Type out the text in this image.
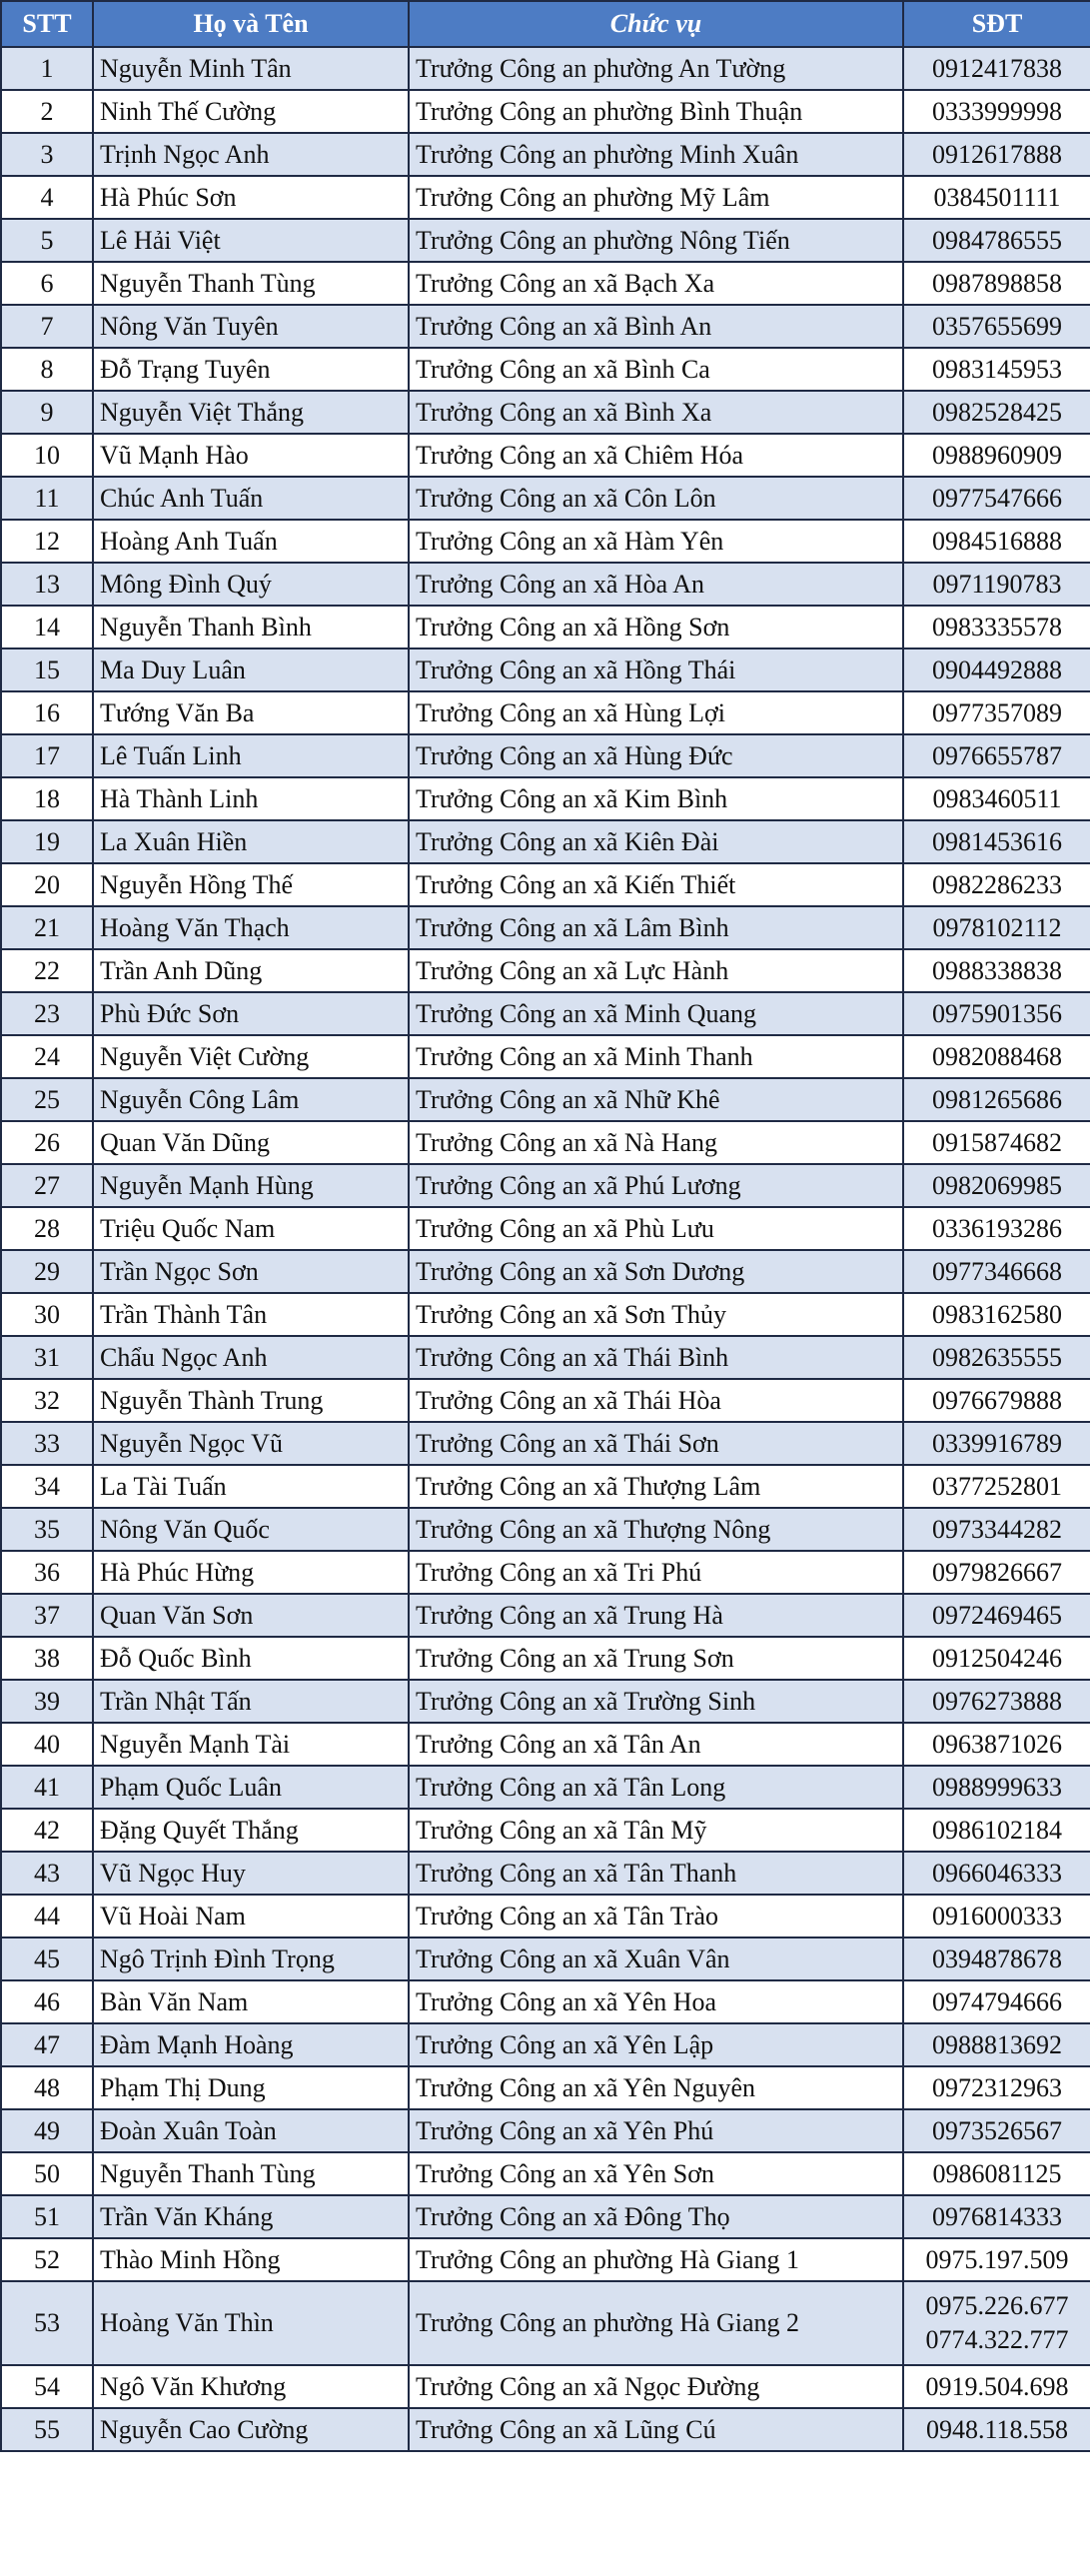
STT	Họ và Tên	Chức vụ	SĐT
1	Nguyễn Minh Tân	Trưởng Công an phường An Tường	0912417838

2	Ninh Thế Cường	Trưởng Công an phường Bình Thuận	0333999998

3	Trịnh Ngọc Anh	Trưởng Công an phường Minh Xuân	0912617888

4	Hà Phúc Sơn	Trưởng Công an phường Mỹ Lâm	0384501111

5	Lê Hải Việt	Trưởng Công an phường Nông Tiến	0984786555

6	Nguyễn Thanh Tùng	Trưởng Công an xã Bạch Xa	0987898858

7	Nông Văn Tuyên	Trưởng Công an xã Bình An	0357655699

8	Đỗ Trạng Tuyên	Trưởng Công an xã Bình Ca	0983145953

9	Nguyễn Việt Thắng	Trưởng Công an xã Bình Xa	0982528425

10	Vũ Mạnh Hào	Trưởng Công an xã Chiêm Hóa	0988960909

11	Chúc Anh Tuấn	Trưởng Công an xã Côn Lôn	0977547666

12	Hoàng Anh Tuấn	Trưởng Công an xã Hàm Yên	0984516888

13	Mông Đình Quý	Trưởng Công an xã Hòa An	0971190783

14	Nguyễn Thanh Bình	Trưởng Công an xã Hồng Sơn	0983335578

15	Ma Duy Luân	Trưởng Công an xã Hồng Thái	0904492888

16	Tướng Văn Ba	Trưởng Công an xã Hùng Lợi	0977357089

17	Lê Tuấn Linh	Trưởng Công an xã Hùng Đức	0976655787

18	Hà Thành Linh	Trưởng Công an xã Kim Bình	0983460511

19	La Xuân Hiền	Trưởng Công an xã Kiên Đài	0981453616

20	Nguyễn Hồng Thế	Trưởng Công an xã Kiến Thiết	0982286233

21	Hoàng Văn Thạch	Trưởng Công an xã Lâm Bình	0978102112

22	Trần Anh Dũng	Trưởng Công an xã Lực Hành	0988338838

23	Phù Đức Sơn	Trưởng Công an xã Minh Quang	0975901356

24	Nguyễn Việt Cường	Trưởng Công an xã Minh Thanh	0982088468

25	Nguyễn Công Lâm	Trưởng Công an xã Nhữ Khê	0981265686

26	Quan Văn Dũng	Trưởng Công an xã Nà Hang	0915874682

27	Nguyễn Mạnh Hùng	Trưởng Công an xã Phú Lương	0982069985

28	Triệu Quốc Nam	Trưởng Công an xã Phù Lưu	0336193286

29	Trần Ngọc Sơn	Trưởng Công an xã Sơn Dương	0977346668

30	Trần Thành Tân	Trưởng Công an xã Sơn Thủy	0983162580

31	Chẩu Ngọc Anh	Trưởng Công an xã Thái Bình	0982635555

32	Nguyễn Thành Trung	Trưởng Công an xã Thái Hòa	0976679888

33	Nguyễn Ngọc Vũ	Trưởng Công an xã Thái Sơn	0339916789

34	La Tài Tuấn	Trưởng Công an xã Thượng Lâm	0377252801

35	Nông Văn Quốc	Trưởng Công an xã Thượng Nông	0973344282

36	Hà Phúc Hừng	Trưởng Công an xã Tri Phú	0979826667

37	Quan Văn Sơn	Trưởng Công an xã Trung Hà	0972469465

38	Đỗ Quốc Bình	Trưởng Công an xã Trung Sơn	0912504246

39	Trần Nhật Tấn	Trưởng Công an xã Trường Sinh	0976273888

40	Nguyễn Mạnh Tài	Trưởng Công an xã Tân An	0963871026

41	Phạm Quốc Luân	Trưởng Công an xã Tân Long	0988999633

42	Đặng Quyết Thắng	Trưởng Công an xã Tân Mỹ	0986102184

43	Vũ Ngọc Huy	Trưởng Công an xã Tân Thanh	0966046333

44	Vũ Hoài Nam	Trưởng Công an xã Tân Trào	0916000333

45	Ngô Trịnh Đình Trọng	Trưởng Công an xã Xuân Vân	0394878678

46	Bàn Văn Nam	Trưởng Công an xã Yên Hoa	0974794666

47	Đàm Mạnh Hoàng	Trưởng Công an xã Yên Lập	0988813692

48	Phạm Thị Dung	Trưởng Công an xã Yên Nguyên	0972312963

49	Đoàn Xuân Toàn	Trưởng Công an xã Yên Phú	0973526567

50	Nguyễn Thanh Tùng	Trưởng Công an xã Yên Sơn	0986081125

51	Trần Văn Kháng	Trưởng Công an xã Đông Thọ	0976814333

52	Thào Minh Hồng	Trưởng Công an phường Hà Giang 1	0975.197.509

53	Hoàng Văn Thìn	Trưởng Công an phường Hà Giang 2	0975.226.677
0774.322.777

54	Ngô Văn Khương	Trưởng Công an xã Ngọc Đường	0919.504.698

55	Nguyễn Cao Cường	Trưởng Công an xã Lũng Cú	0948.118.558
